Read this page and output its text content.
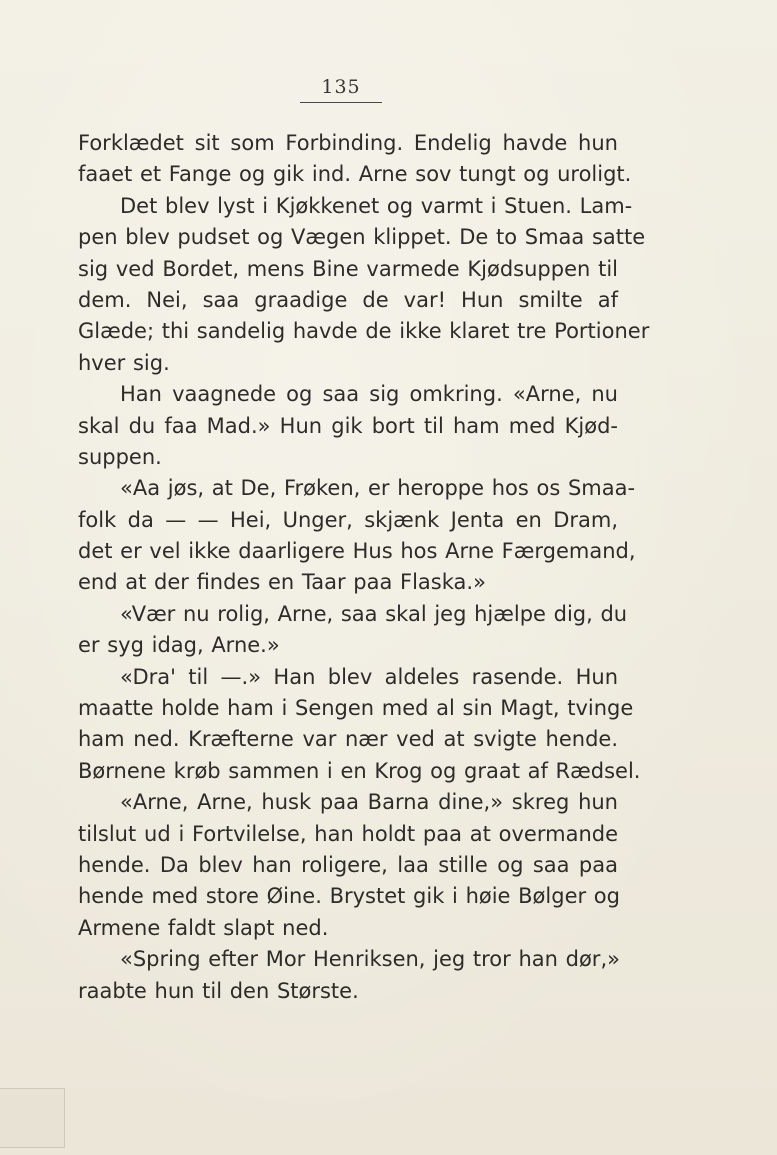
135
Forklædet sit som Forbinding. Endelig havde hun
faaet et Fange og gik ind. Arne sov tungt og uroligt.
Det blev lyst i Kjøkkenet og varmt i Stuen. Lam-
pen blev pudset og Vægen klippet. De to Smaa satte
sig ved Bordet, mens Bine varmede Kjødsuppen til
dem. Nei, saa graadige de var! Hun smilte af
Glæde; thi sandelig havde de ikke klaret tre Portioner
hver sig.
Han vaagnede og saa sig omkring. «Arne, nu
skal du faa Mad.» Hun gik bort til ham med Kjød-
suppen.
«Aa jøs, at De, Frøken, er heroppe hos os Smaa-
folk da — — Hei, Unger, skjænk Jenta en Dram,
det er vel ikke daarligere Hus hos Arne Færgemand,
end at der findes en Taar paa Flaska.»
«Vær nu rolig, Arne, saa skal jeg hjælpe dig, du
er syg idag, Arne.»
«Dra' til —.» Han blev aldeles rasende. Hun
maatte holde ham i Sengen med al sin Magt, tvinge
ham ned. Kræfterne var nær ved at svigte hende.
Børnene krøb sammen i en Krog og graat af Rædsel.
«Arne, Arne, husk paa Barna dine,» skreg hun
tilslut ud i Fortvilelse, han holdt paa at overmande
hende. Da blev han roligere, laa stille og saa paa
hende med store Øine. Brystet gik i høie Bølger og
Armene faldt slapt ned.
«Spring efter Mor Henriksen, jeg tror han dør,»
raabte hun til den Største.
